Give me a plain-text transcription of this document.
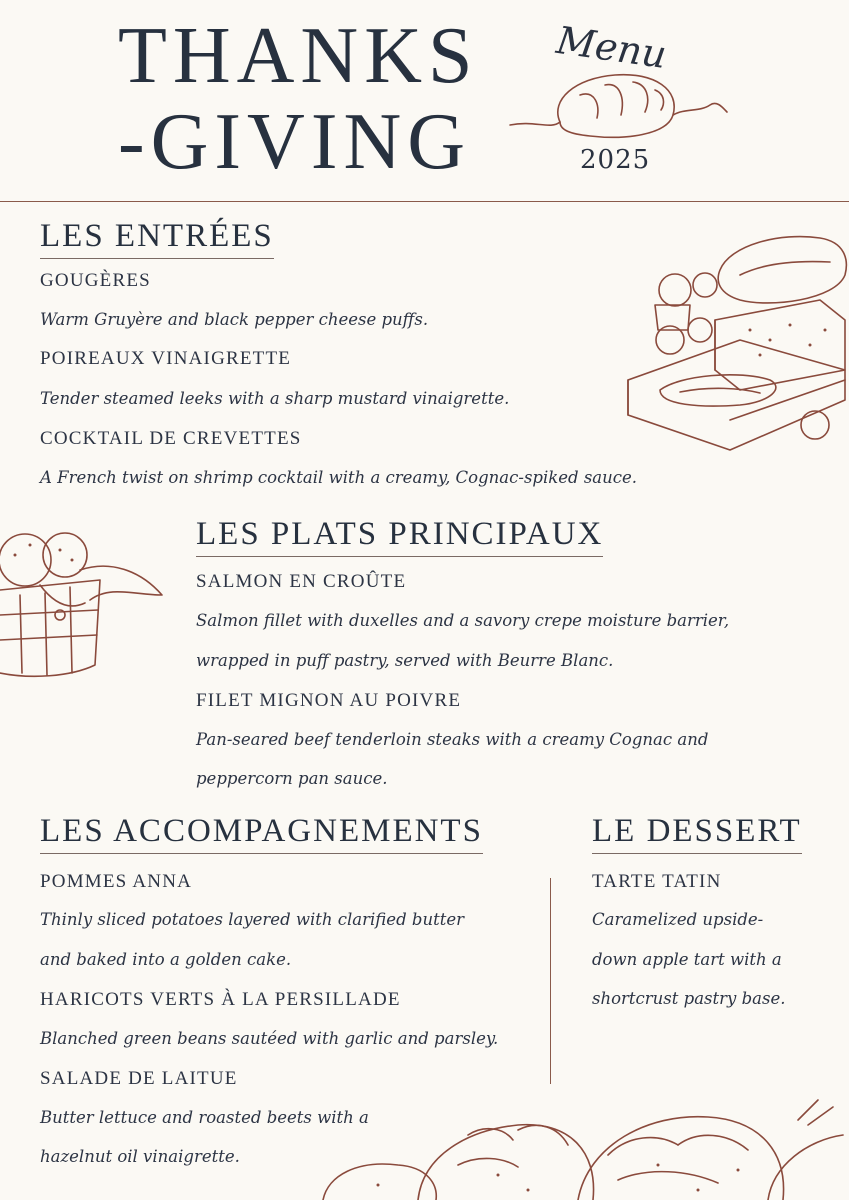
THANKS
-GIVING
Menu
2025
LES ENTRÉES
GOUGÈRES
Warm Gruyère and black pepper cheese puffs.
POIREAUX VINAIGRETTE
Tender steamed leeks with a sharp mustard vinaigrette.
COCKTAIL DE CREVETTES
A French twist on shrimp cocktail with a creamy, Cognac-spiked sauce.
LES PLATS PRINCIPAUX
SALMON EN CROÛTE
Salmon fillet with duxelles and a savory crepe moisture barrier,
wrapped in puff pastry, served with Beurre Blanc.
FILET MIGNON AU POIVRE
Pan-seared beef tenderloin steaks with a creamy Cognac and
peppercorn pan sauce.
LES ACCOMPAGNEMENTS
POMMES ANNA
Thinly sliced potatoes layered with clarified butter
and baked into a golden cake.
HARICOTS VERTS À LA PERSILLADE
Blanched green beans sautéed with garlic and parsley.
SALADE DE LAITUE
Butter lettuce and roasted beets with a
hazelnut oil vinaigrette.
LE DESSERT
TARTE TATIN
Caramelized upside-
down apple tart with a
shortcrust pastry base.
